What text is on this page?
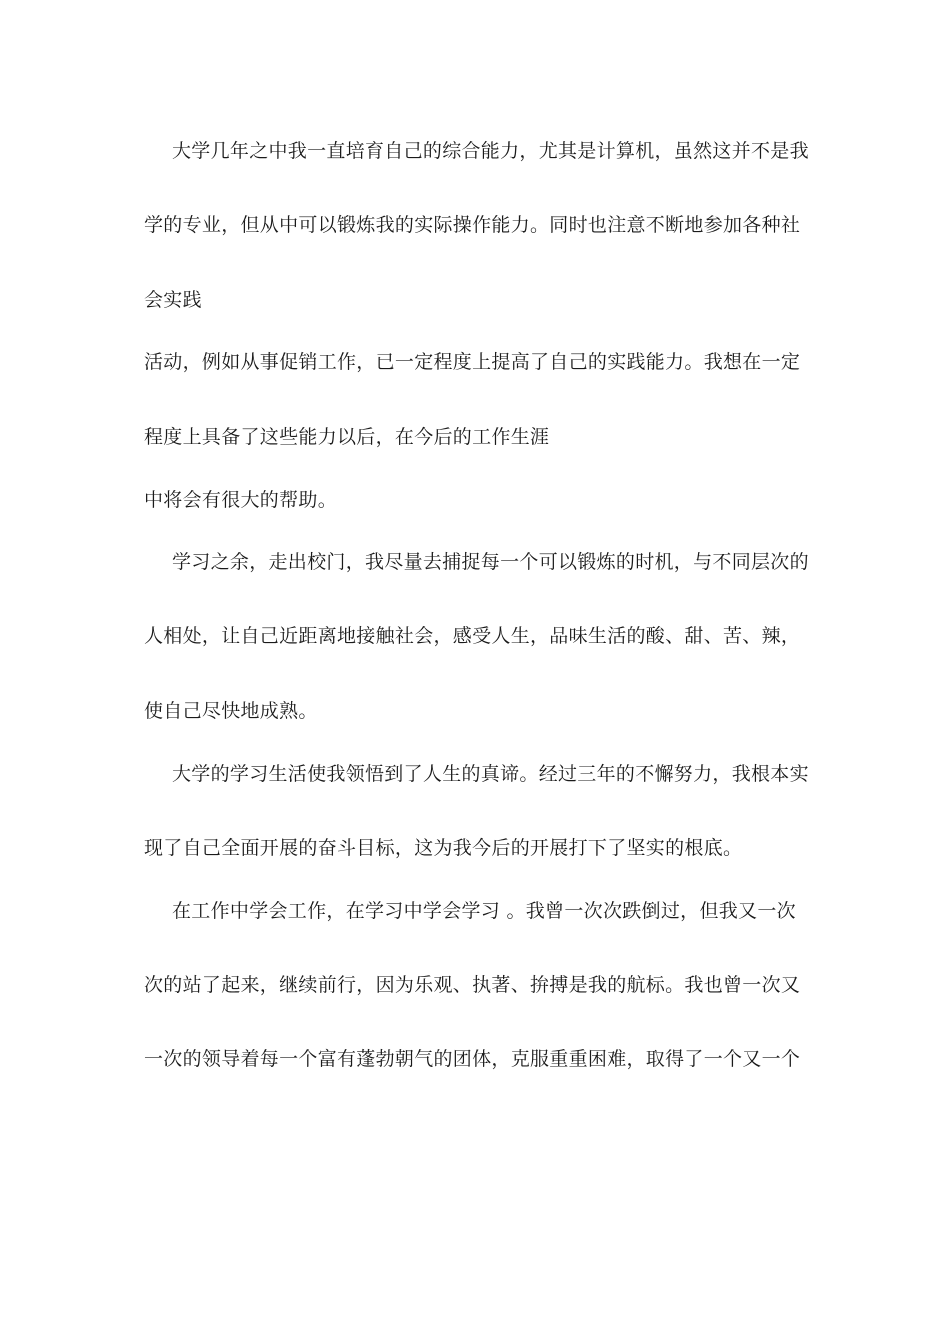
大学几年之中我一直培育自己的综合能力，尤其是计算机，虽然这并不是我
学的专业，但从中可以锻炼我的实际操作能力。同时也注意不断地参加各种社
会实践
活动，例如从事促销工作，已一定程度上提高了自己的实践能力。我想在一定
程度上具备了这些能力以后，在今后的工作生涯
中将会有很大的帮助。
学习之余，走出校门，我尽量去捕捉每一个可以锻炼的时机，与不同层次的
人相处，让自己近距离地接触社会，感受人生，品味生活的酸、甜、苦、辣，
使自己尽快地成熟。
大学的学习生活使我领悟到了人生的真谛。经过三年的不懈努力，我根本实
现了自己全面开展的奋斗目标，这为我今后的开展打下了坚实的根底。
在工作中学会工作，在学习中学会学习 。我曾一次次跌倒过，但我又一次
次的站了起来，继续前行，因为乐观、执著、拚搏是我的航标。我也曾一次又
一次的领导着每一个富有蓬勃朝气的团体，克服重重困难，取得了一个又一个
